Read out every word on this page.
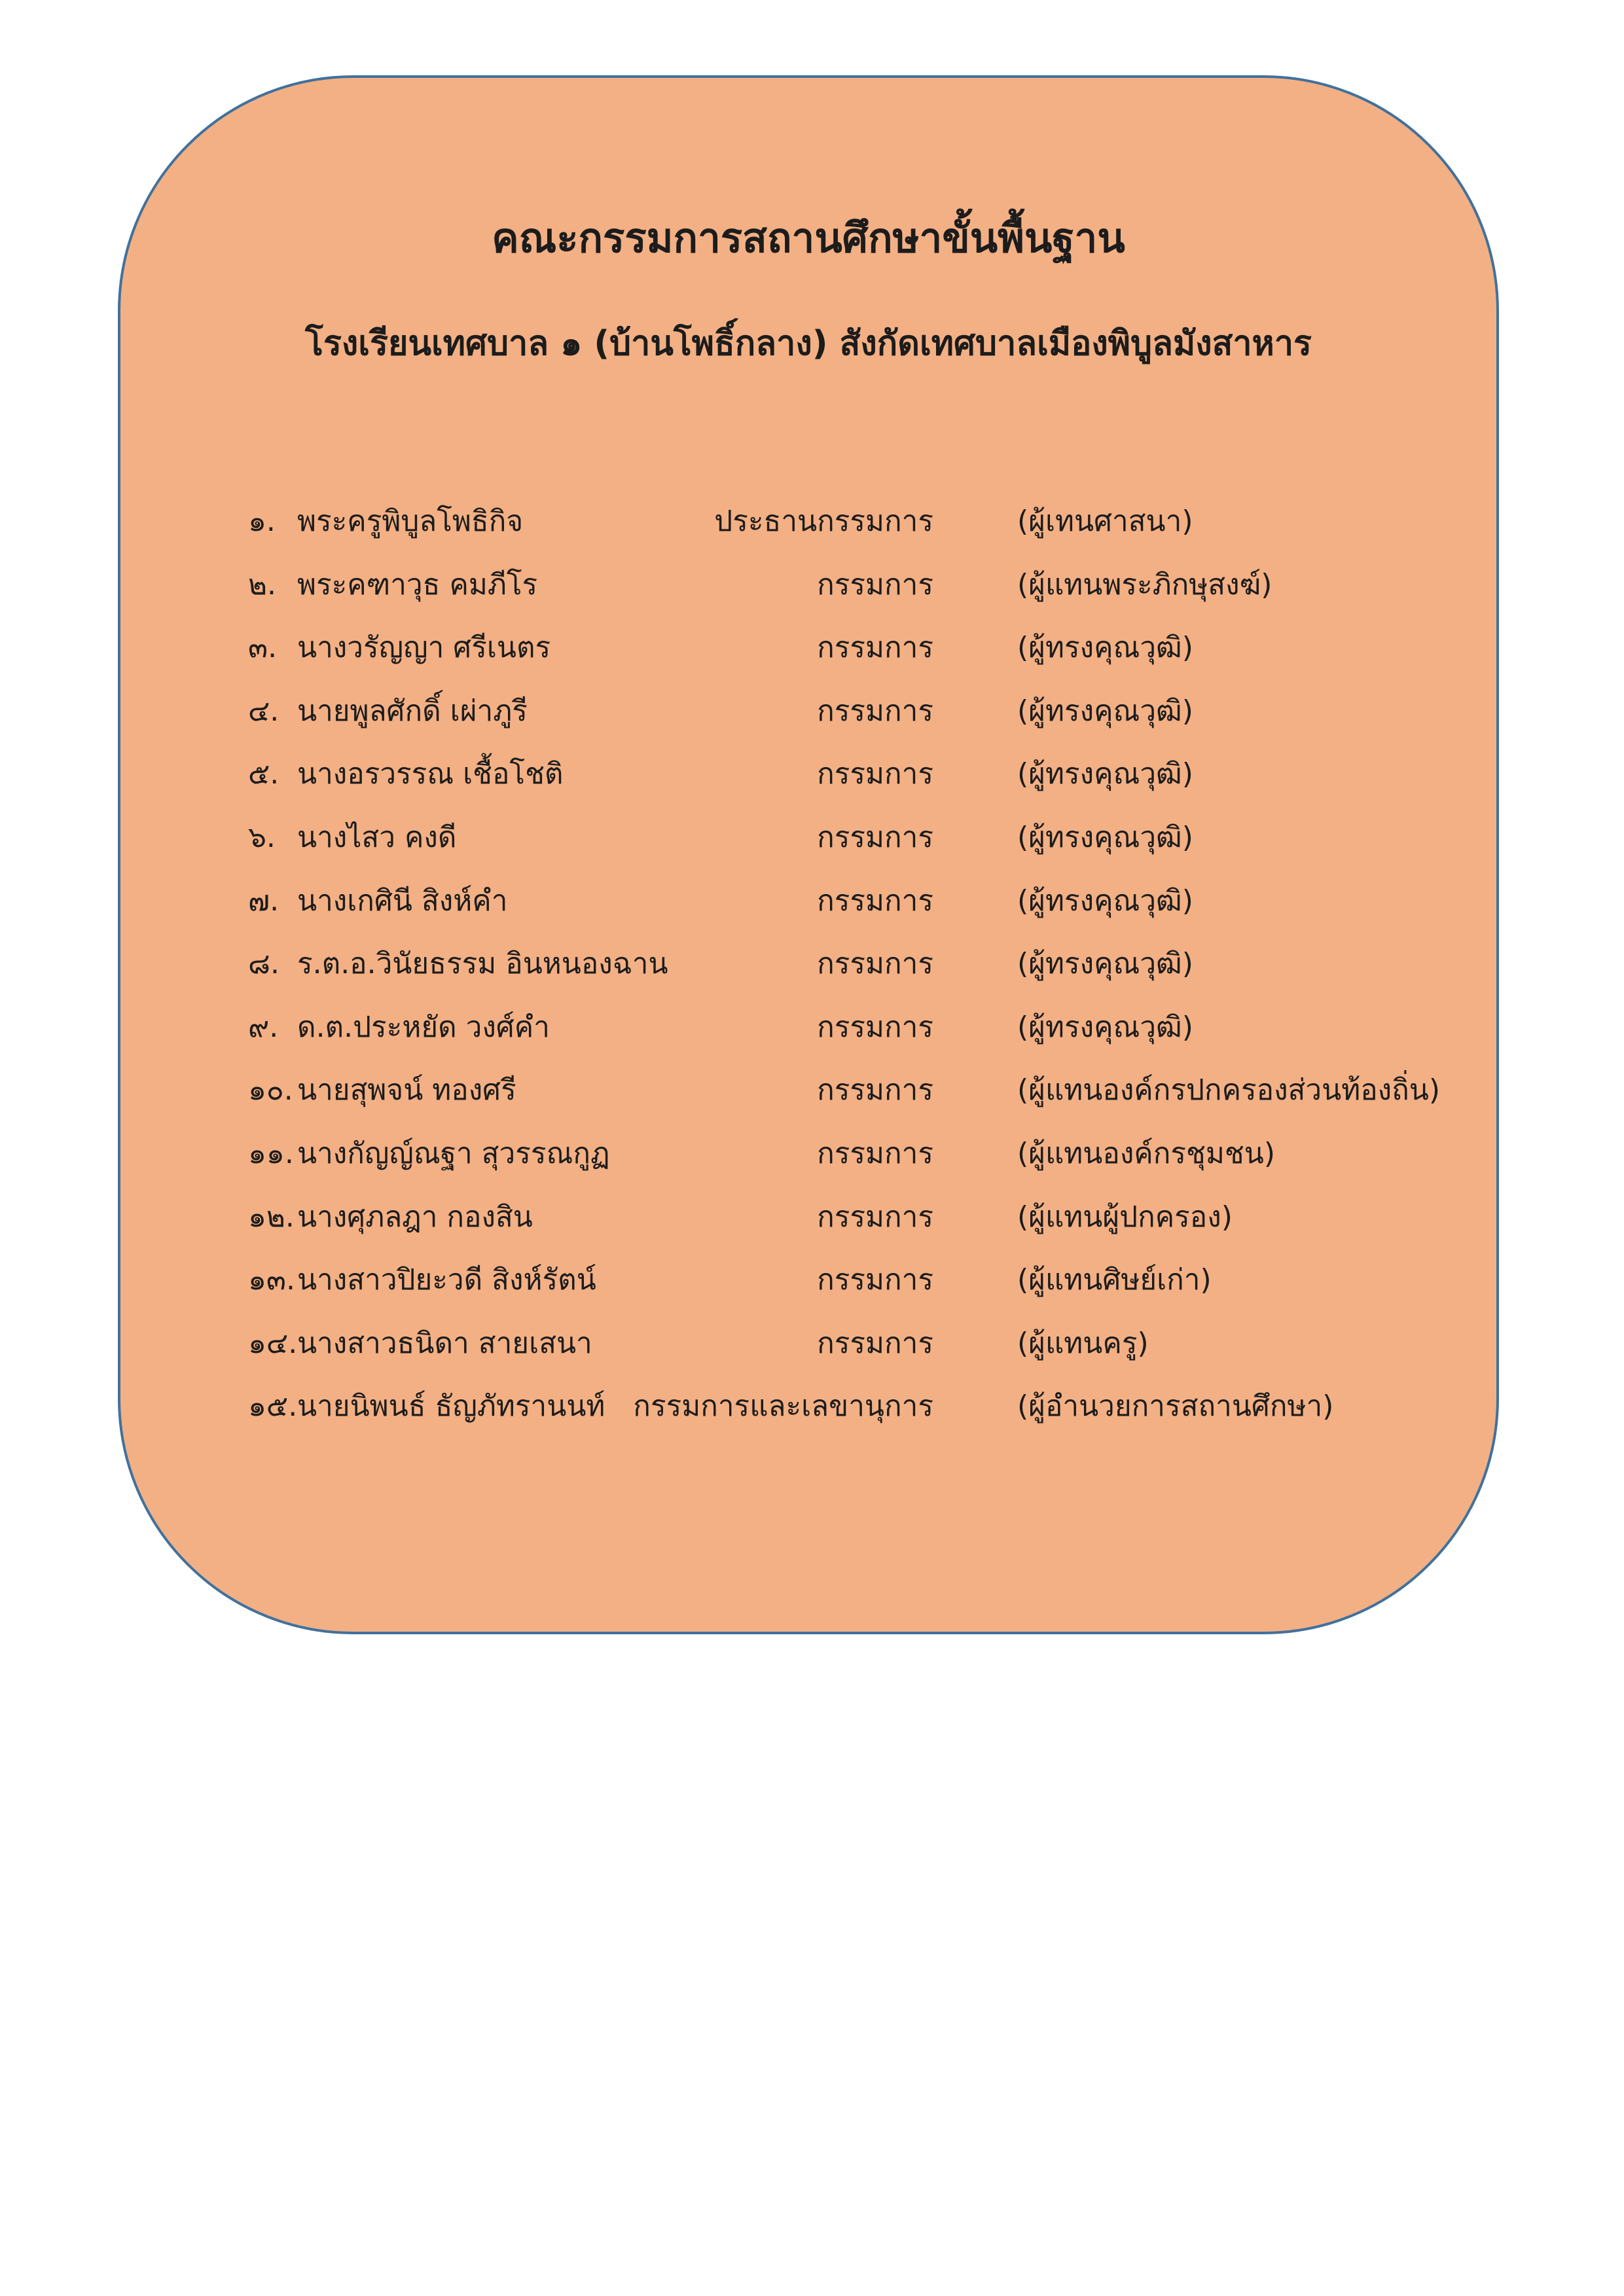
คณะกรรมการสถานศึกษาขั้นพื้นฐาน
โรงเรียนเทศบาล ๑ (บ้านโพธิ์กลาง) สังกัดเทศบาลเมืองพิบูลมังสาหาร
๑. พระครูพิบูลโพธิกิจ	ประธานกรรมการ	(ผู้เทนศาสนา)
๒. พระคฑาวุธ คมภีโร	กรรมการ	(ผู้แทนพระภิกษุสงฆ์)
๓. นางวรัญญา ศรีเนตร	กรรมการ	(ผู้ทรงคุณวุฒิ)
๔. นายพูลศักดิ์ เผ่าภูรี	กรรมการ	(ผู้ทรงคุณวุฒิ)
๕. นางอรวรรณ เชื้อโชติ	กรรมการ	(ผู้ทรงคุณวุฒิ)
๖. นางไสว คงดี	กรรมการ	(ผู้ทรงคุณวุฒิ)
๗. นางเกศินี สิงห์คำ	กรรมการ	(ผู้ทรงคุณวุฒิ)
๘. ร.ต.อ.วินัยธรรม อินหนองฉาน	กรรมการ	(ผู้ทรงคุณวุฒิ)
๙. ด.ต.ประหยัด วงศ์คำ	กรรมการ	(ผู้ทรงคุณวุฒิ)
๑๐. นายสุพจน์ ทองศรี	กรรมการ	(ผู้แทนองค์กรปกครองส่วนท้องถิ่น)
๑๑. นางกัญญ์ณฐา สุวรรณกูฏ	กรรมการ	(ผู้แทนองค์กรชุมชน)
๑๒. นางศุภลฎา กองสิน	กรรมการ	(ผู้แทนผู้ปกครอง)
๑๓. นางสาวปิยะวดี สิงห์รัตน์	กรรมการ	(ผู้แทนศิษย์เก่า)
๑๔. นางสาวธนิดา สายเสนา	กรรมการ	(ผู้แทนครู)
๑๕. นายนิพนธ์ ธัญภัทรานนท์ กรรมการและเลขานุการ	(ผู้อำนวยการสถานศึกษา)
